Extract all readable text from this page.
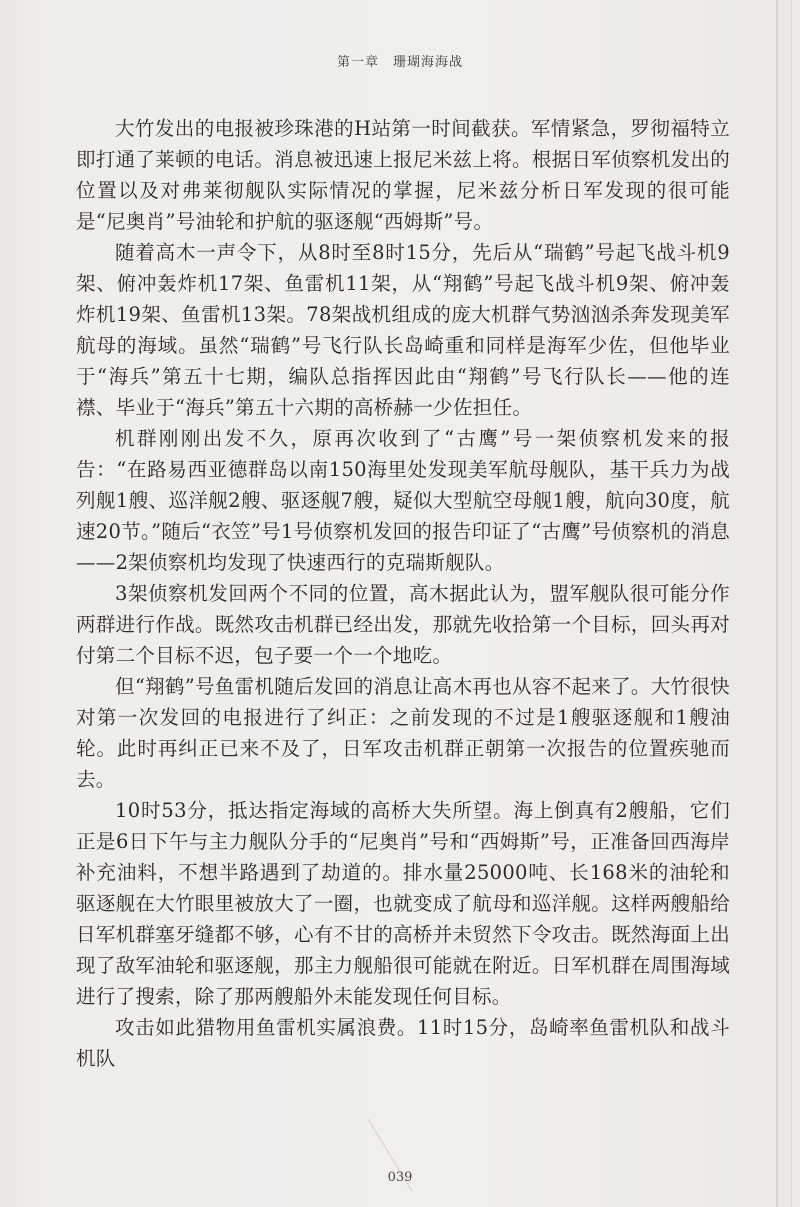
第一章 珊瑚海海战

大竹发出的电报被珍珠港的H站第一时间截获。军情紧急，罗彻福特立即打通了莱顿的电话。消息被迅速上报尼米兹上将。根据日军侦察机发出的位置以及对弗莱彻舰队实际情况的掌握，尼米兹分析日军发现的很可能是“尼奥肖”号油轮和护航的驱逐舰“西姆斯”号。

随着高木一声令下，从8时至8时15分，先后从“瑞鹤”号起飞战斗机9架、俯冲轰炸机17架、鱼雷机11架，从“翔鹤”号起飞战斗机9架、俯冲轰炸机19架、鱼雷机13架。78架战机组成的庞大机群气势汹汹杀奔发现美军航母的海域。虽然“瑞鹤”号飞行队长岛崎重和同样是海军少佐，但他毕业于“海兵”第五十七期，编队总指挥因此由“翔鹤”号飞行队长——他的连襟、毕业于“海兵”第五十六期的高桥赫一少佐担任。

机群刚刚出发不久，原再次收到了“古鹰”号一架侦察机发来的报告：“在路易西亚德群岛以南150海里处发现美军航母舰队，基干兵力为战列舰1艘、巡洋舰2艘、驱逐舰7艘，疑似大型航空母舰1艘，航向30度，航速20节。”随后“衣笠”号1号侦察机发回的报告印证了“古鹰”号侦察机的消息——2架侦察机均发现了快速西行的克瑞斯舰队。

3架侦察机发回两个不同的位置，高木据此认为，盟军舰队很可能分作两群进行作战。既然攻击机群已经出发，那就先收拾第一个目标，回头再对付第二个目标不迟，包子要一个一个地吃。

但“翔鹤”号鱼雷机随后发回的消息让高木再也从容不起来了。大竹很快对第一次发回的电报进行了纠正：之前发现的不过是1艘驱逐舰和1艘油轮。此时再纠正已来不及了，日军攻击机群正朝第一次报告的位置疾驰而去。

10时53分，抵达指定海域的高桥大失所望。海上倒真有2艘船，它们正是6日下午与主力舰队分手的“尼奥肖”号和“西姆斯”号，正准备回西海岸补充油料，不想半路遇到了劫道的。排水量25000吨、长168米的油轮和驱逐舰在大竹眼里被放大了一圈，也就变成了航母和巡洋舰。这样两艘船给日军机群塞牙缝都不够，心有不甘的高桥并未贸然下令攻击。既然海面上出现了敌军油轮和驱逐舰，那主力舰船很可能就在附近。日军机群在周围海域进行了搜索，除了那两艘船外未能发现任何目标。

攻击如此猎物用鱼雷机实属浪费。11时15分，岛崎率鱼雷机队和战斗机队

039
